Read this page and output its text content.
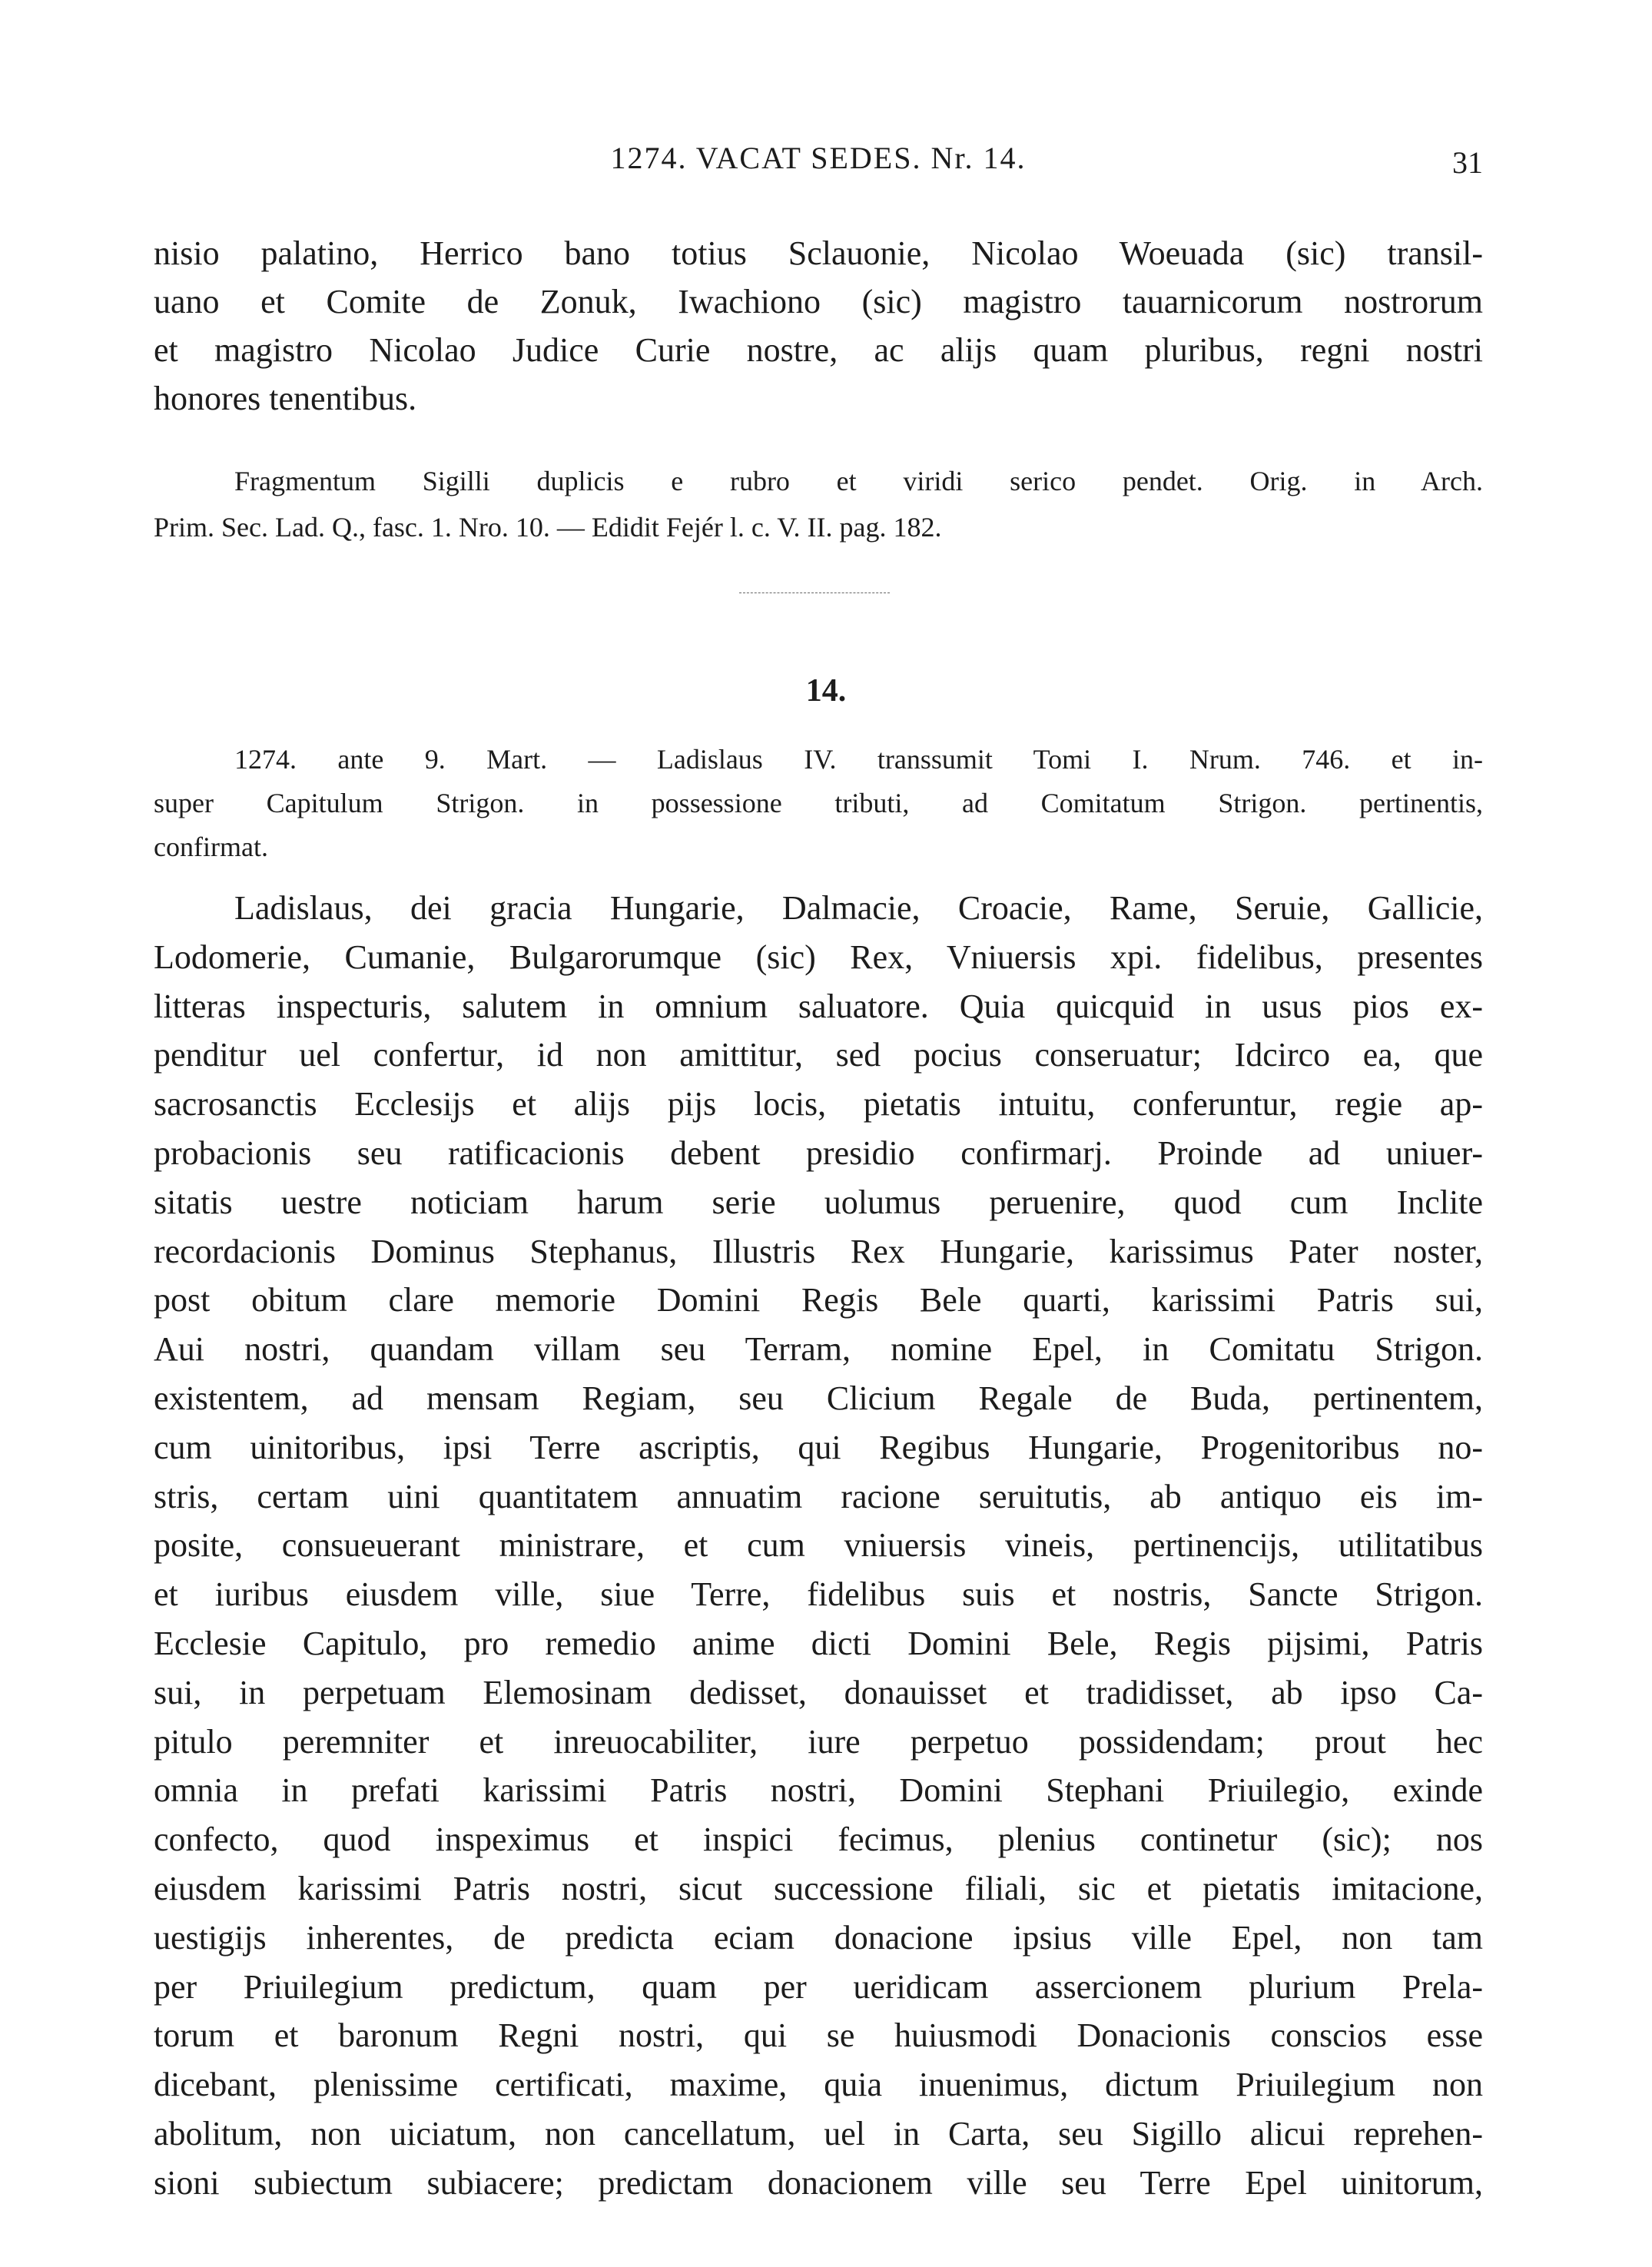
1274. VACAT SEDES. Nr. 14.	31
nisio palatino, Herrico bano totius Sclauonie, Nicolao Woeuada (sic) transil-
uano et Comite de Zonuk, Iwachiono (sic) magistro tauarnicorum nostrorum
et magistro Nicolao Judice Curie nostre, ac alijs quam pluribus, regni nostri
honores tenentibus.
Fragmentum Sigilli duplicis e rubro et viridi serico pendet. Orig. in Arch.
Prim. Sec. Lad. Q., fasc. 1. Nro. 10. — Edidit Fejér l. c. V. II. pag. 182.
14.
1274. ante 9. Mart. — Ladislaus IV. transsumit Tomi I. Nrum. 746. et in-
super Capitulum Strigon. in possessione tributi, ad Comitatum Strigon. pertinentis,
confirmat.
Ladislaus, dei gracia Hungarie, Dalmacie, Croacie, Rame, Seruie, Gallicie,
Lodomerie, Cumanie, Bulgarorumque (sic) Rex, Vniuersis xpi. fidelibus, presentes
litteras inspecturis, salutem in omnium saluatore. Quia quicquid in usus pios ex-
penditur uel confertur, id non amittitur, sed pocius conseruatur; Idcirco ea, que
sacrosanctis Ecclesijs et alijs pijs locis, pietatis intuitu, conferuntur, regie ap-
probacionis seu ratificacionis debent presidio confirmarj. Proinde ad uniuer-
sitatis uestre noticiam harum serie uolumus peruenire, quod cum Inclite
recordacionis Dominus Stephanus, Illustris Rex Hungarie, karissimus Pater noster,
post obitum clare memorie Domini Regis Bele quarti, karissimi Patris sui,
Aui nostri, quandam villam seu Terram, nomine Epel, in Comitatu Strigon.
existentem, ad mensam Regiam, seu Clicium Regale de Buda, pertinentem,
cum uinitoribus, ipsi Terre ascriptis, qui Regibus Hungarie, Progenitoribus no-
stris, certam uini quantitatem annuatim racione seruitutis, ab antiquo eis im-
posite, consueuerant ministrare, et cum vniuersis vineis, pertinencijs, utilitatibus
et iuribus eiusdem ville, siue Terre, fidelibus suis et nostris, Sancte Strigon.
Ecclesie Capitulo, pro remedio anime dicti Domini Bele, Regis pijsimi, Patris
sui, in perpetuam Elemosinam dedisset, donauisset et tradidisset, ab ipso Ca-
pitulo peremniter et inreuocabiliter, iure perpetuo possidendam; prout hec
omnia in prefati karissimi Patris nostri, Domini Stephani Priuilegio, exinde
confecto, quod inspeximus et inspici fecimus, plenius continetur (sic); nos
eiusdem karissimi Patris nostri, sicut successione filiali, sic et pietatis imitacione,
uestigijs inherentes, de predicta eciam donacione ipsius ville Epel, non tam
per Priuilegium predictum, quam per ueridicam assercionem plurium Prela-
torum et baronum Regni nostri, qui se huiusmodi Donacionis conscios esse
dicebant, plenissime certificati, maxime, quia inuenimus, dictum Priuilegium non
abolitum, non uiciatum, non cancellatum, uel in Carta, seu Sigillo alicui reprehen-
sioni subiectum subiacere; predictam donacionem ville seu Terre Epel uinitorum,
